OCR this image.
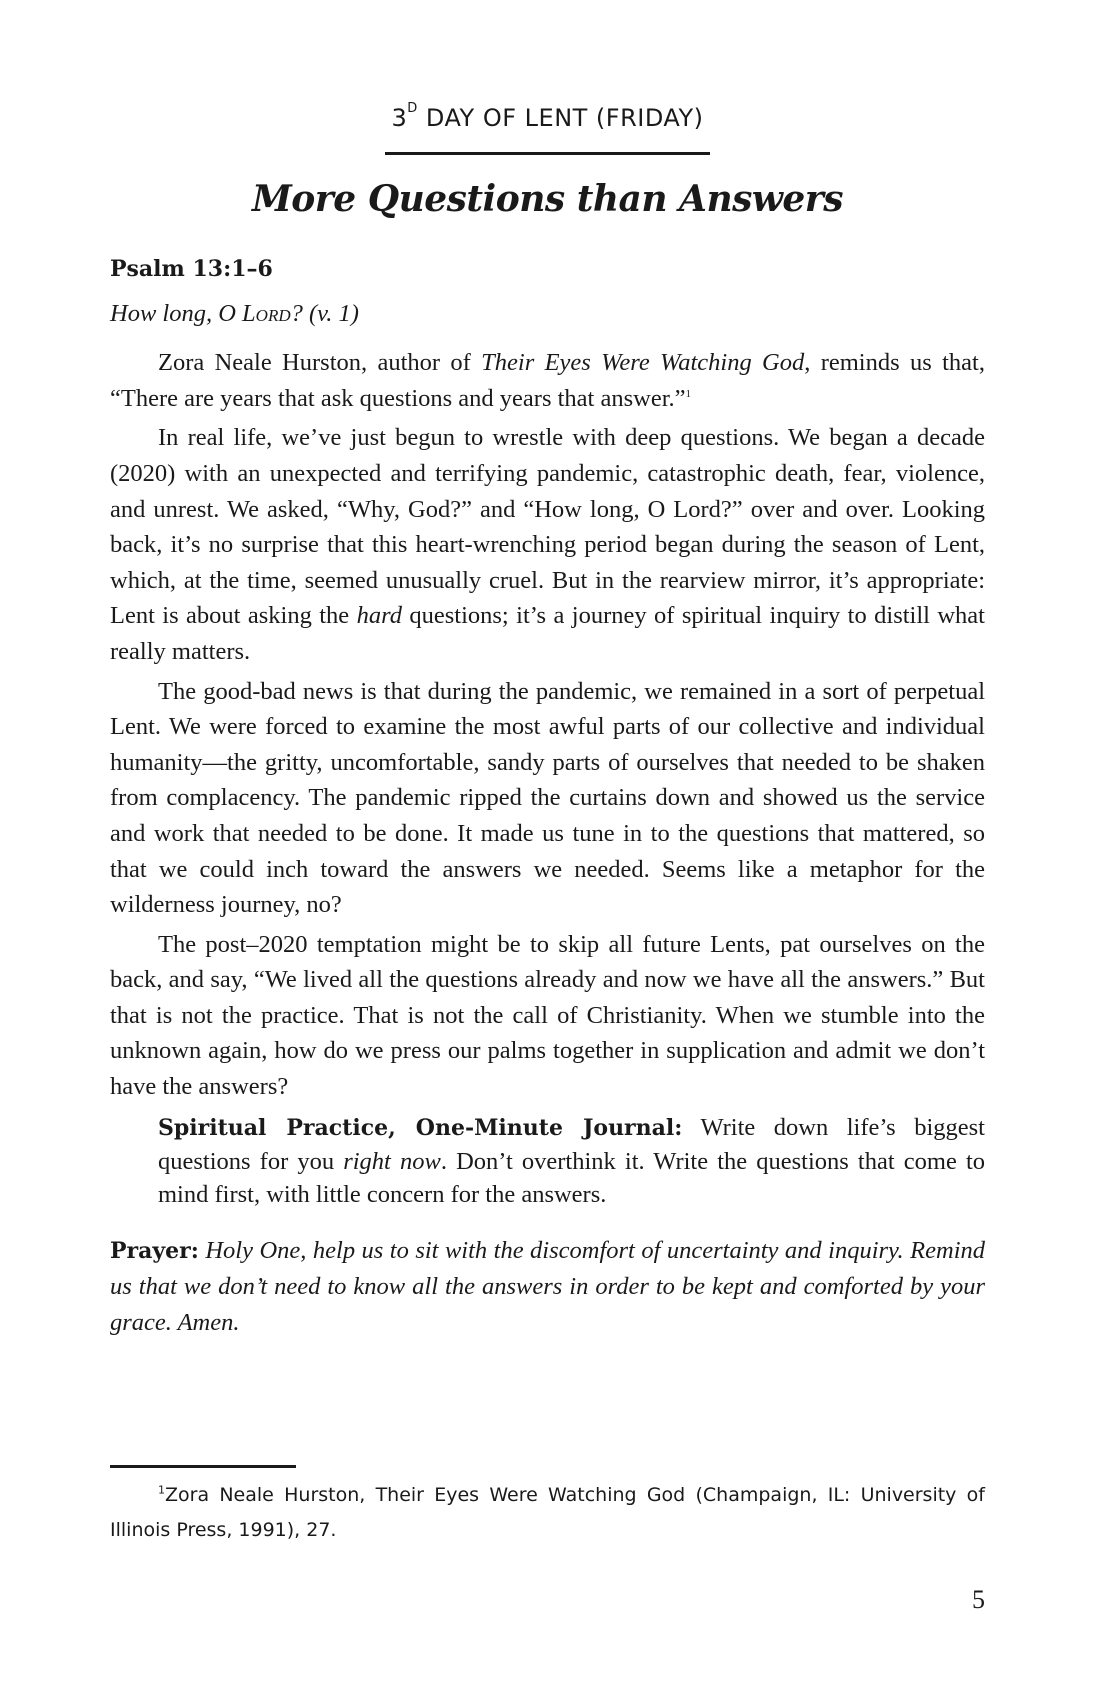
$3^D$ DAY OF LENT (FRIDAY)
More Questions than Answers
Psalm 13:1–6
How long, O Lord? (v. 1)

Zora Neale Hurston, author of Their Eyes Were Watching God, reminds us that, “There are years that ask questions and years that answer.”$^1$

In real life, we’ve just begun to wrestle with deep questions. We began a decade (2020) with an unexpected and terrifying pandemic, catastrophic death, fear, violence, and unrest. We asked, “Why, God?” and “How long, O Lord?” over and over. Looking back, it’s no surprise that this heart-wrenching period began during the season of Lent, which, at the time, seemed unusually cruel. But in the rearview mirror, it’s appropriate: Lent is about asking the hard questions; it’s a journey of spiritual inquiry to distill what really matters.

The good-bad news is that during the pandemic, we remained in a sort of perpetual Lent. We were forced to examine the most awful parts of our collective and individual humanity—the gritty, uncomfortable, sandy parts of ourselves that needed to be shaken from complacency. The pandemic ripped the curtains down and showed us the service and work that needed to be done. It made us tune in to the questions that mattered, so that we could inch toward the answers we needed. Seems like a metaphor for the wilderness journey, no?

The post–2020 temptation might be to skip all future Lents, pat ourselves on the back, and say, “We lived all the questions already and now we have all the answers.” But that is not the practice. That is not the call of Christianity. When we stumble into the unknown again, how do we press our palms together in supplication and admit we don’t have the answers?

Spiritual Practice, One-Minute Journal: Write down life’s biggest questions for you right now. Don’t overthink it. Write the questions that come to mind first, with little concern for the answers.

Prayer: Holy One, help us to sit with the discomfort of uncertainty and inquiry. Remind us that we don’t need to know all the answers in order to be kept and comforted by your grace. Amen.

$^1$Zora Neale Hurston, Their Eyes Were Watching God (Champaign, IL: University of Illinois Press, 1991), 27.
5
